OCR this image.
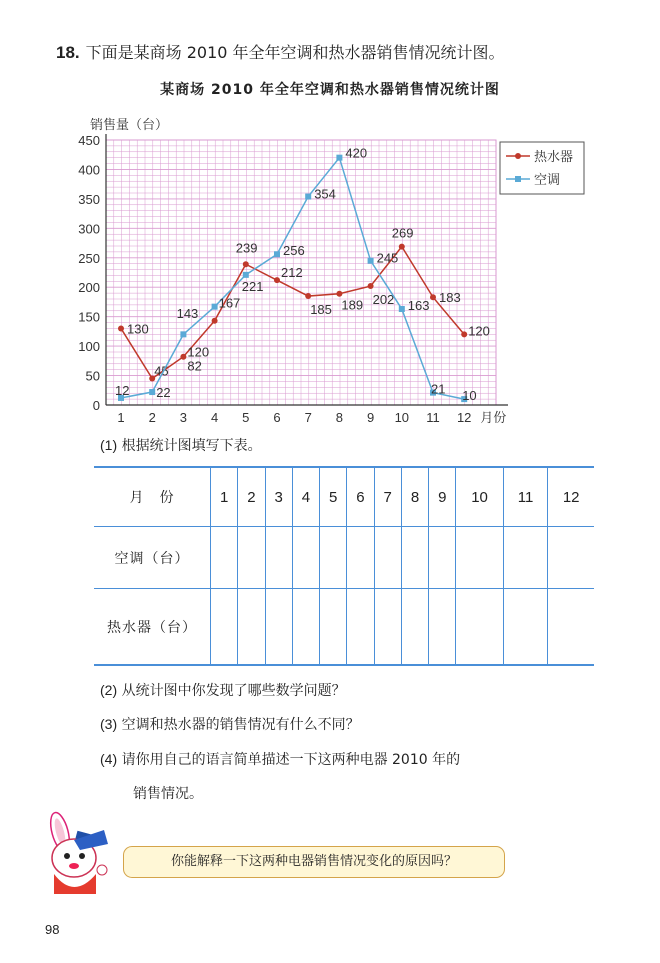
18. 下面是某商场 2010 年全年空调和热水器销售情况统计图。
某商场 2010 年全年空调和热水器销售情况统计图
0
50
100
150
200
250
300
350
400
450
1 2 3 4 5 6 7 8 9 10 11 12 月份
销售量（台）
130
45 82
143
239
212
185 189 202
269
183
120
12 22
120
167
221
256
354
420
245
163
21 10
热水器
空调
(1) 根据统计图填写下表。
月　份	1	2	3	4	5	6	7	8	9	10	11	12
空调（台）												
热水器（台）												
(2) 从统计图中你发现了哪些数学问题？
(3) 空调和热水器的销售情况有什么不同？
(4) 请你用自己的语言简单描述一下这两种电器 2010 年的
销售情况。
你能解释一下这两种电器销售情况变化的原因吗？
98
